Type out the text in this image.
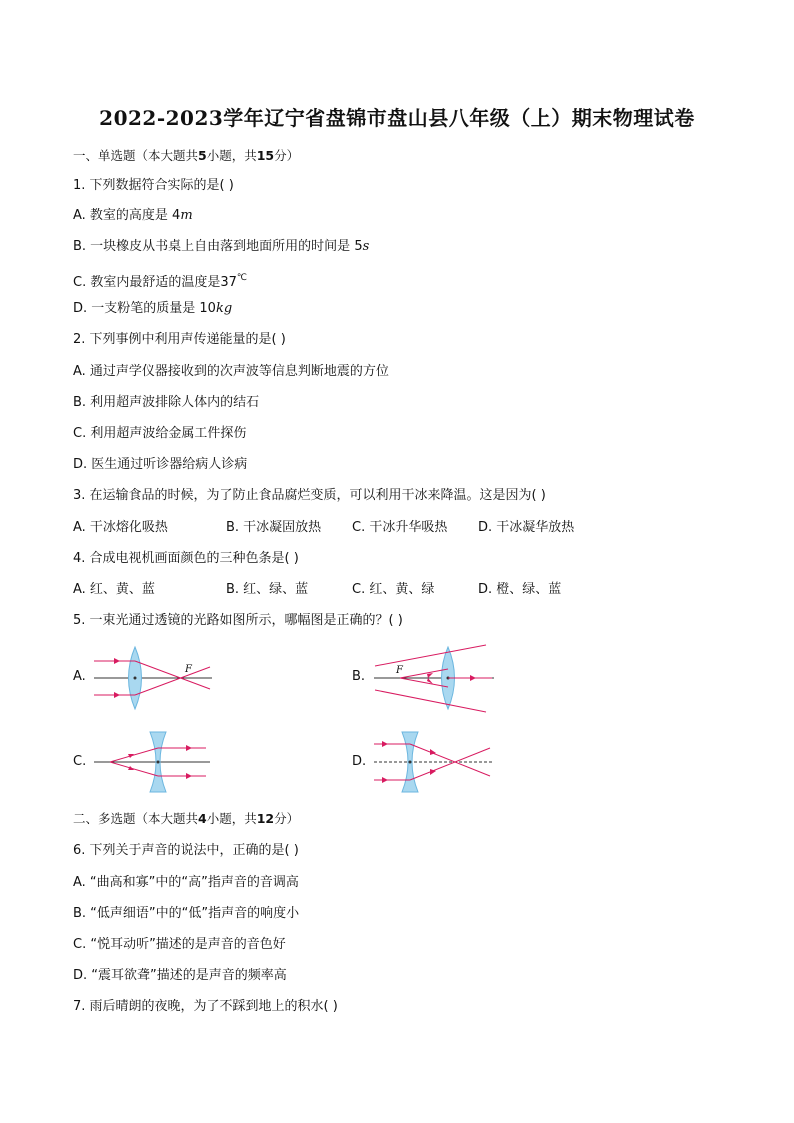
2022-2023学年辽宁省盘锦市盘山县八年级（上）期末物理试卷
一、单选题（本大题共5小题，共15分）
1. 下列数据符合实际的是( )
A. 教室的高度是 4m
B. 一块橡皮从书桌上自由落到地面所用的时间是 5s
C. 教室内最舒适的温度是37℃
D. 一支粉笔的质量是 10kg
2. 下列事例中利用声传递能量的是( )
A. 通过声学仪器接收到的次声波等信息判断地震的方位
B. 利用超声波排除人体内的结石
C. 利用超声波给金属工件探伤
D. 医生通过听诊器给病人诊病
3. 在运输食品的时候，为了防止食品腐烂变质，可以利用干冰来降温。这是因为( )
A. 干冰熔化吸热	B. 干冰凝固放热 C. 干冰升华吸热 D. 干冰凝华放热
4. 合成电视机画面颜色的三种色条是( )
A. 红、黄、蓝	B. 红、绿、蓝	C. 红、黄、绿	D. 橙、绿、蓝
5. 一束光通过透镜的光路如图所示，哪幅图是正确的？( )
A.	F	B.	F
C.	D.
二、多选题（本大题共4小题，共12分）
6. 下列关于声音的说法中，正确的是( )
A. “曲高和寡”中的“高”指声音的音调高
B. “低声细语”中的“低”指声音的响度小
C. “悦耳动听”描述的是声音的音色好
D. “震耳欲聋”描述的是声音的频率高
7. 雨后晴朗的夜晚，为了不踩到地上的积水( )
